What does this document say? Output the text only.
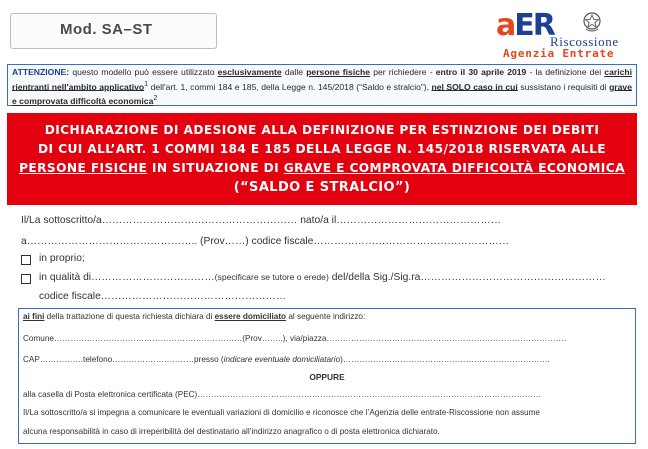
Mod. SA–ST	aER
Riscossione
Agenzia Entrate

ATTENZIONE: questo modello può essere utilizzato esclusivamente dalle persone fisiche per richiedere - entro il 30 aprile 2019 - la definizione dei carichi rientranti nell'ambito applicativo$^1$ dell'art. 1, commi 184 e 185, della Legge n. 145/2018 (“Saldo e stralcio”), nel SOLO caso in cui sussistano i requisiti di grave e comprovata difficoltà economica$^2$

DICHIARAZIONE DI ADESIONE ALLA DEFINIZIONE PER ESTINZIONE DEI DEBITI
DI CUI ALL’ART. 1 COMMI 184 E 185 DELLA LEGGE N. 145/2018 RISERVATA ALLE
PERSONE FISICHE IN SITUAZIONE DI GRAVE E COMPROVATA DIFFICOLTÀ ECONOMICA
(“SALDO E STRALCIO”)
Il/La sottoscritto/a………………………………………………… nato/a il…………………………………………
a………………………………………….. (Prov……) codice fiscale…………………………………………………
in proprio;
in qualità di………………………………(specificare se tutore o erede) del/della Sig./Sig.ra………………………………………………
codice fiscale………………………………………………
ai fini della trattazione di questa richiesta dichiara di essere domiciliato al seguente indirizzo:
Comune……………………………………………………………(Prov……..), via/piazza…………………………………………………………………………….
CAP…………….telefono…………………………presso (indicare eventuale domiciliatario)………………………………………………………………….
OPPURE
alla casella di Posta elettronica certificata (PEC)………………………………………………………………………………………………………………
Il/La sottoscritto/a si impegna a comunicare le eventuali variazioni di domicilio e riconosce che l’Agenzia delle entrate-Riscossione non assume
alcuna responsabilità in caso di irreperibilità del destinatario all’indirizzo anagrafico o di posta elettronica dichiarato.
